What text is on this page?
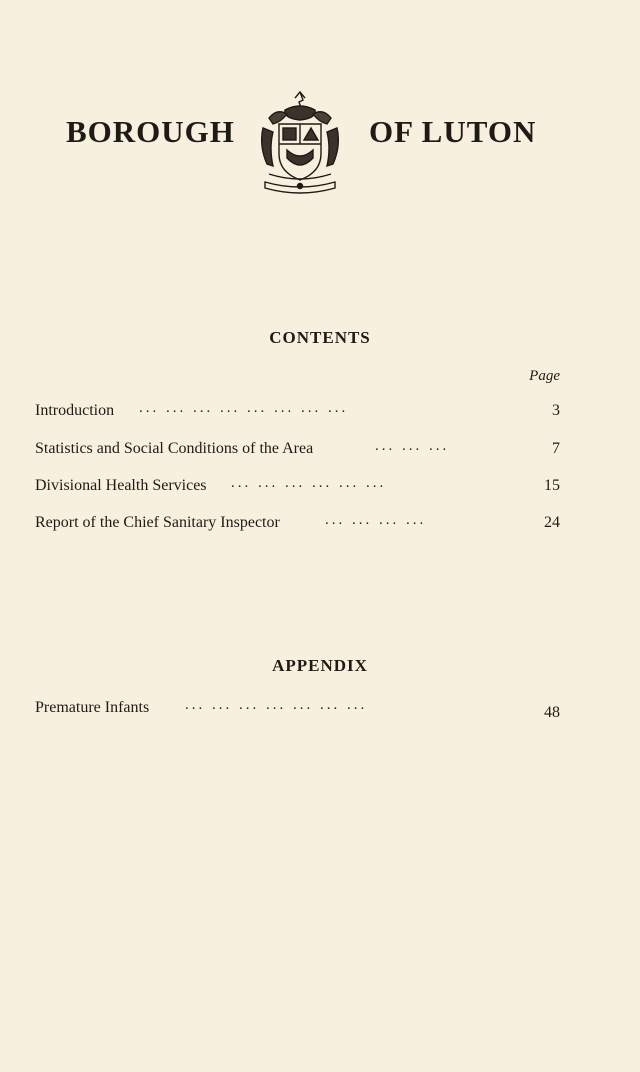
BOROUGH	OF LUTON
CONTENTS
Page
Introduction ... ... ... ... ... ... ... ...	3
Statistics and Social Conditions of the Area	... ... ...	7
Divisional Health Services ... ... ... ... ... ...	15
Report of the Chief Sanitary Inspector	... ... ... ...	24
APPENDIX
Premature Infants ... ... ... ... ... ... ...	48
